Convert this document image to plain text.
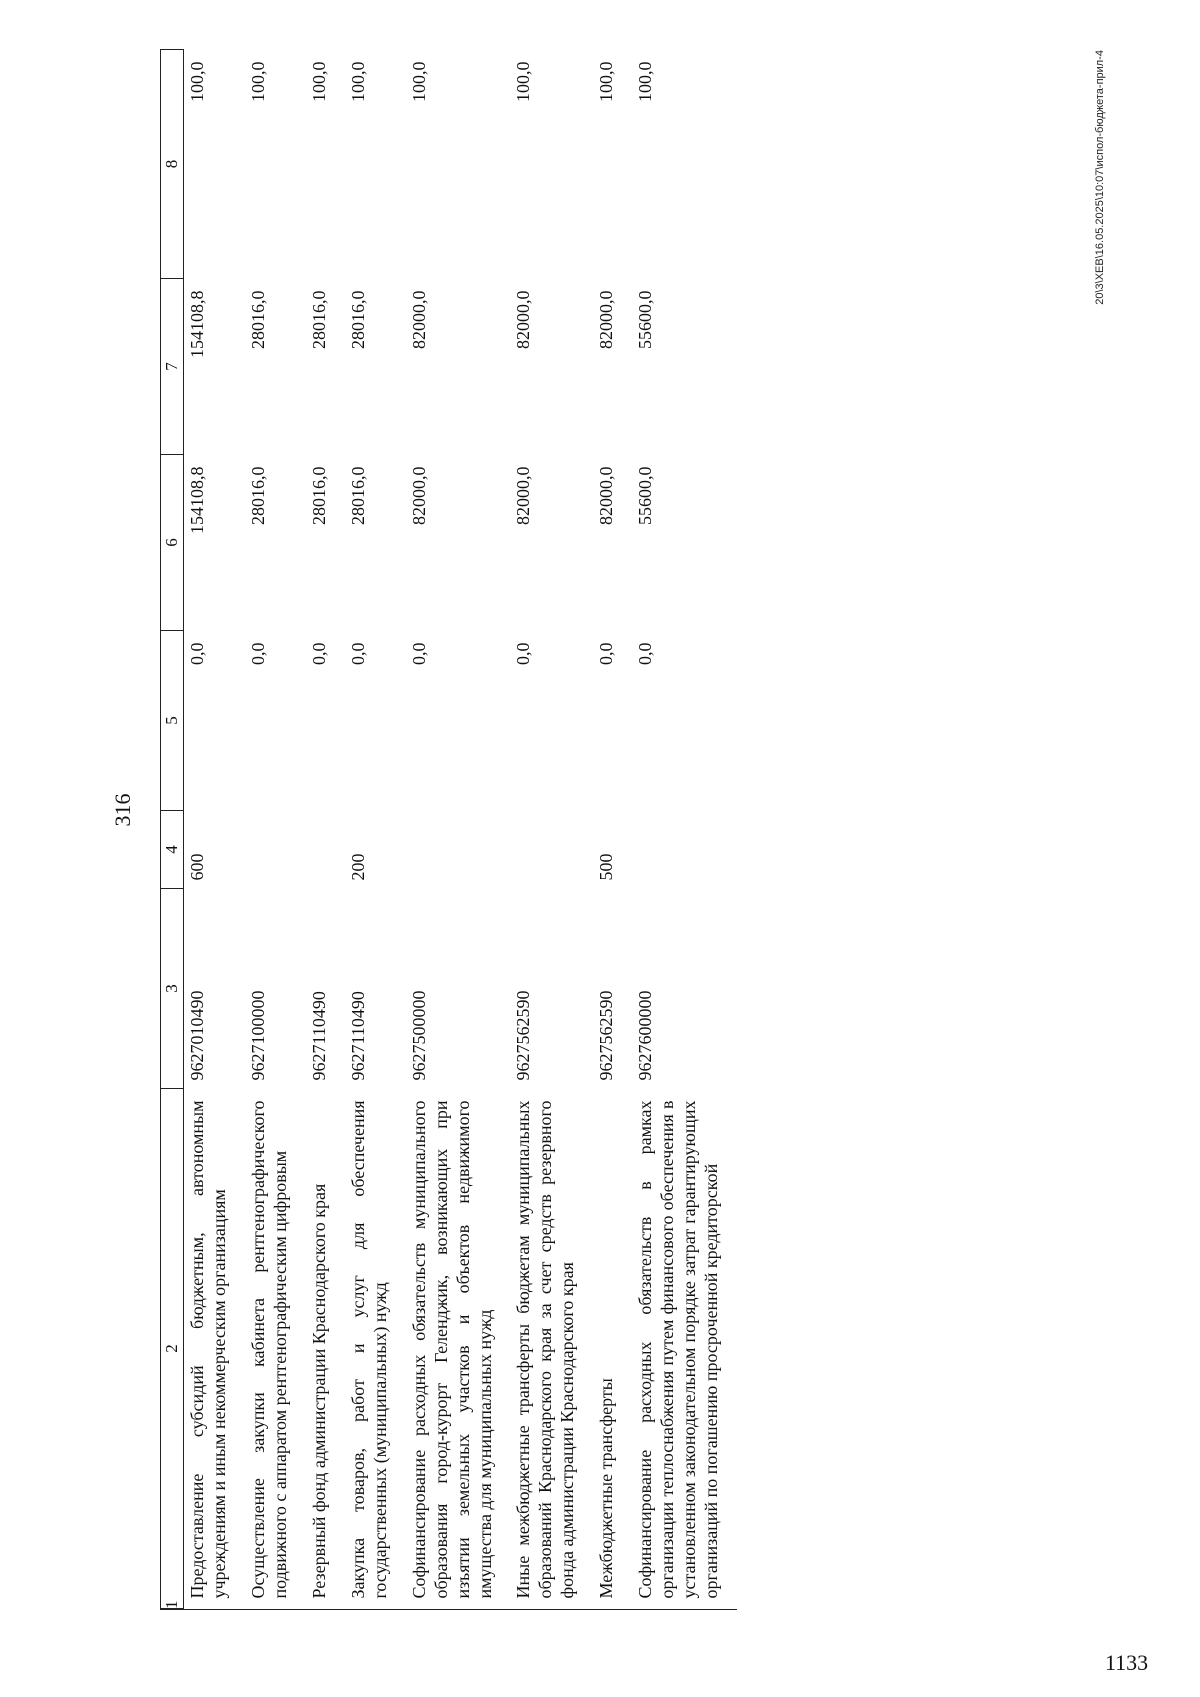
316
1	2	3	4	5	6	7	8
	Предоставление субсидий бюджетным, автономным учреждениям и иным некоммерческим организациям	9627010490	600	0,0	154108,8	154108,8	100,0
	Осуществление закупки кабинета рентгенографического подвижного с аппаратом рентгенографическим цифровым	9627100000		0,0	28016,0	28016,0	100,0
	Резервный фонд администрации Краснодарского края	9627110490		0,0	28016,0	28016,0	100,0
	Закупка товаров, работ и услуг для обеспечения государственных (муниципальных) нужд	9627110490	200	0,0	28016,0	28016,0	100,0
	Софинансирование расходных обязательств муниципального образования город-курорт Геленджик, возникающих при изъятии земельных участков и объектов недвижимого имущества для муниципальных нужд	9627500000		0,0	82000,0	82000,0	100,0
	Иные межбюджетные трансферты бюджетам муниципальных образований Краснодарского края за счет средств резервного фонда администрации Краснодарского края	9627562590		0,0	82000,0	82000,0	100,0
	Межбюджетные трансферты	9627562590	500	0,0	82000,0	82000,0	100,0
	Софинансирование расходных обязательств в рамках организации теплоснабжения путем финансового обеспечения в установленном законодательном порядке затрат гарантирующих организаций по погашению просроченной кредиторской	9627600000		0,0	55600,0	55600,0	100,0	20\3\XEB\16.05.2025\10:07\испол-бюджета-прил-4
1133
